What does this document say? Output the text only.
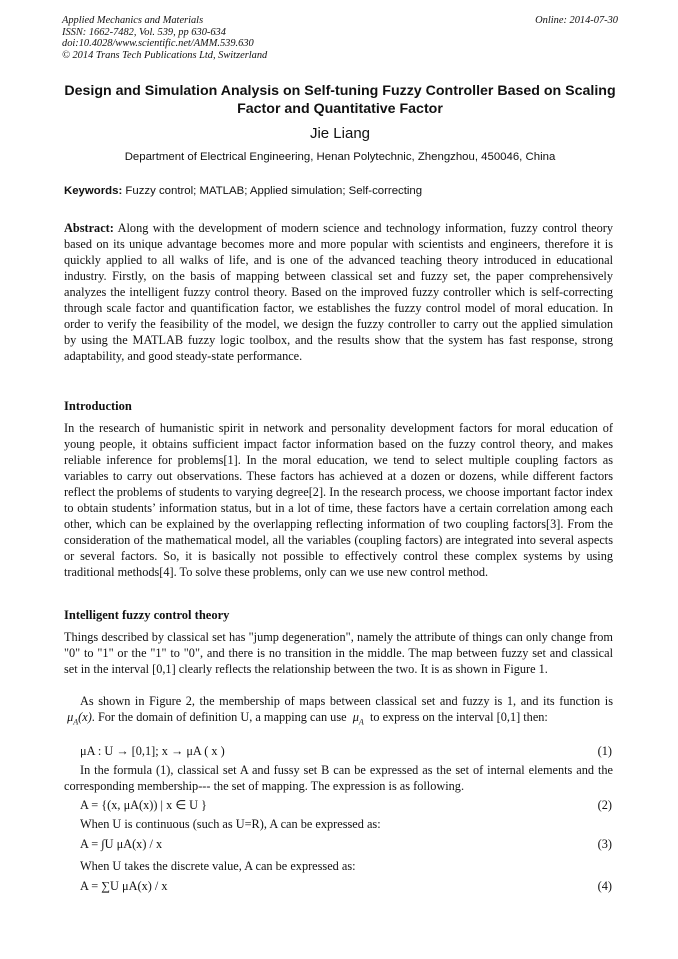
Applied Mechanics and Materials
ISSN: 1662-7482, Vol. 539, pp 630-634
doi:10.4028/www.scientific.net/AMM.539.630
© 2014 Trans Tech Publications Ltd, Switzerland
Online: 2014-07-30
Design and Simulation Analysis on Self-tuning Fuzzy Controller Based on Scaling Factor and Quantitative Factor
Jie Liang
Department of Electrical Engineering, Henan Polytechnic, Zhengzhou, 450046, China
Keywords: Fuzzy control; MATLAB; Applied simulation; Self-correcting

Abstract: Along with the development of modern science and technology information, fuzzy control theory based on its unique advantage becomes more and more popular with scientists and engineers, therefore it is quickly applied to all walks of life, and is one of the advanced teaching theory introduced in educational industry. Firstly, on the basis of mapping between classical set and fuzzy set, the paper comprehensively analyzes the intelligent fuzzy control theory. Based on the improved fuzzy controller which is self-correcting through scale factor and quantification factor, we establishes the fuzzy control model of moral education. In order to verify the feasibility of the model, we design the fuzzy controller to carry out the applied simulation by using the MATLAB fuzzy logic toolbox, and the results show that the system has fast response, strong adaptability, and good steady-state performance.

Introduction
In the research of humanistic spirit in network and personality development factors for moral education of young people, it obtains sufficient impact factor information based on the fuzzy control theory, and makes reliable inference for problems[1]. In the moral education, we tend to select multiple coupling factors as variables to carry out observations. These factors has achieved at a dozen or dozens, while different factors reflect the problems of students to varying degree[2]. In the research process, we choose important factor index to obtain students’ information status, but in a lot of time, these factors have a certain correlation among each other, which can be explained by the overlapping reflecting information of two coupling factors[3]. From the consideration of the mathematical model, all the variables (coupling factors) are integrated into several aspects or several factors. So, it is basically not possible to effectively control these complex systems by using traditional methods[4]. To solve these problems, only can we use new control method.
Intelligent fuzzy control theory
Things described by classical set has "jump degeneration", namely the attribute of things can only change from "0" to "1" or the "1" to "0", and there is no transition in the middle. The map between fuzzy set and classical set in the interval [0,1] clearly reflects the relationship between the two. It is as shown in Figure 1.
As shown in Figure 2, the membership of maps between classical set and fuzzy is 1, and its function is  $\mu_A(x)$. For the domain of definition U, a mapping can use  $\mu_A$ to express on the interval [0,1] then:
μA : U → [0,1]; x → μA ( x )	(1)
In the formula (1), classical set A and fussy set B can be expressed as the set of internal elements and the corresponding membership--- the set of mapping. The expression is as following.
A = {(x, μA(x)) | x ∈ U }	(2)
When U is continuous (such as U=R), A can be expressed as:
A = ∫U μA(x) / x	(3)
When U takes the discrete value, A can be expressed as:
A = ∑U μA(x) / x	(4)
